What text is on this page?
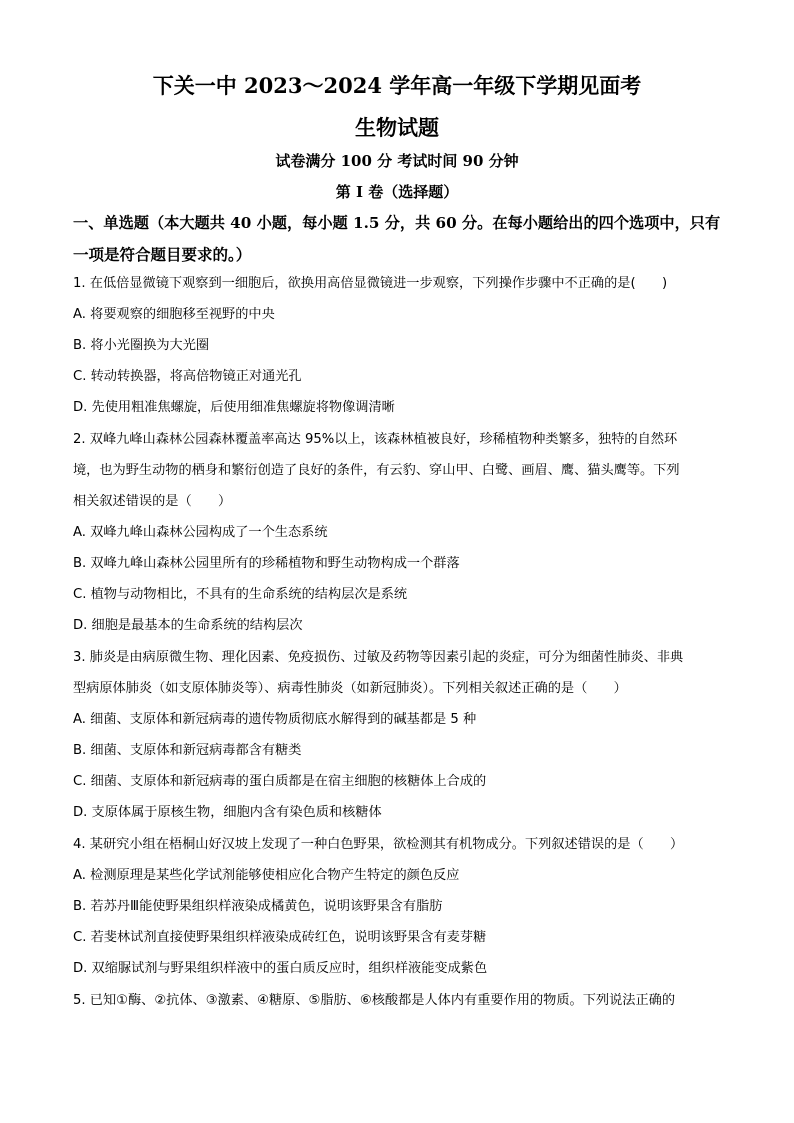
下关一中 2023～2024 学年高一年级下学期见面考
生物试题
试卷满分 100 分 考试时间 90 分钟
第 I 卷（选择题）
一、单选题（本大题共 40 小题，每小题 1.5 分，共 60 分。在每小题给出的四个选项中，只有
一项是符合题目要求的。）
1. 在低倍显微镜下观察到一细胞后，欲换用高倍显微镜进一步观察，下列操作步骤中不正确的是(　　)
A. 将要观察的细胞移至视野的中央
B. 将小光圈换为大光圈
C. 转动转换器，将高倍物镜正对通光孔
D. 先使用粗准焦螺旋，后使用细准焦螺旋将物像调清晰
2. 双峰九峰山森林公园森林覆盖率高达 95%以上，该森林植被良好，珍稀植物种类繁多，独特的自然环
境，也为野生动物的栖身和繁衍创造了良好的条件，有云豹、穿山甲、白鹭、画眉、鹰、猫头鹰等。下列
相关叙述错误的是（　　）
A. 双峰九峰山森林公园构成了一个生态系统
B. 双峰九峰山森林公园里所有的珍稀植物和野生动物构成一个群落
C. 植物与动物相比，不具有的生命系统的结构层次是系统
D. 细胞是最基本的生命系统的结构层次
3. 肺炎是由病原微生物、理化因素、免疫损伤、过敏及药物等因素引起的炎症，可分为细菌性肺炎、非典
型病原体肺炎（如支原体肺炎等）、病毒性肺炎（如新冠肺炎）。下列相关叙述正确的是（　　）
A. 细菌、支原体和新冠病毒的遗传物质彻底水解得到的碱基都是 5 种
B. 细菌、支原体和新冠病毒都含有糖类
C. 细菌、支原体和新冠病毒的蛋白质都是在宿主细胞的核糖体上合成的
D. 支原体属于原核生物，细胞内含有染色质和核糖体
4. 某研究小组在梧桐山好汉坡上发现了一种白色野果，欲检测其有机物成分。下列叙述错误的是（　　）
A. 检测原理是某些化学试剂能够使相应化合物产生特定的颜色反应
B. 若苏丹Ⅲ能使野果组织样液染成橘黄色，说明该野果含有脂肪
C. 若斐林试剂直接使野果组织样液染成砖红色，说明该野果含有麦芽糖
D. 双缩脲试剂与野果组织样液中的蛋白质反应时，组织样液能变成紫色
5. 已知①酶、②抗体、③激素、④糖原、⑤脂肪、⑥核酸都是人体内有重要作用的物质。下列说法正确的
